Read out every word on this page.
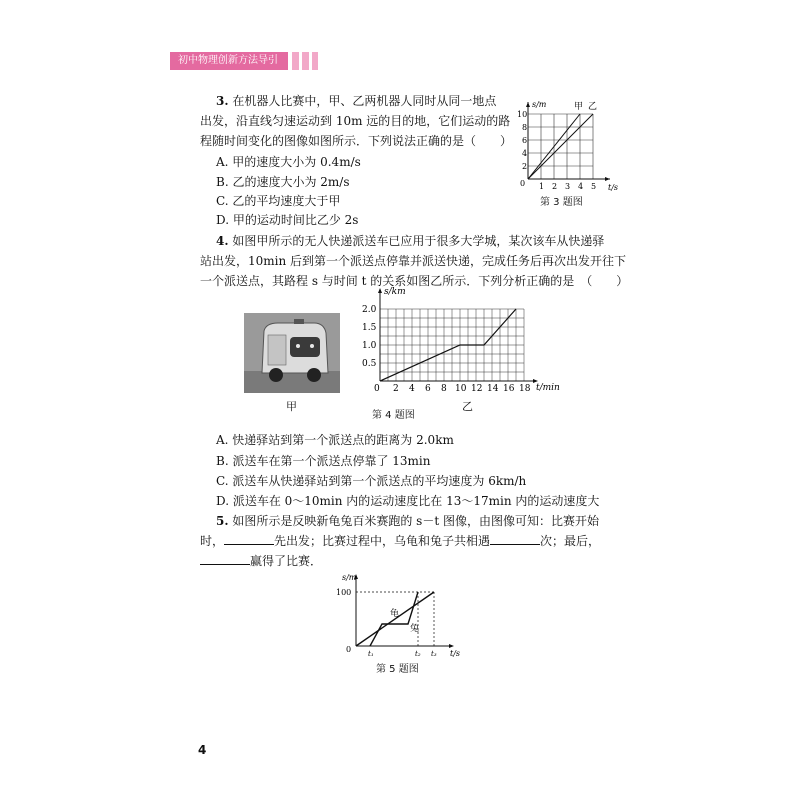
初中物理创新方法导引
3. 在机器人比赛中，甲、乙两机器人同时从同一地点
出发，沿直线匀速运动到 10m 远的目的地，它们运动的路
程随时间变化的图像如图所示．下列说法正确的是（　　）
A. 甲的速度大小为 0.4m/s
B. 乙的速度大小为 2m/s
C. 乙的平均速度大于甲
D. 甲的运动时间比乙少 2s
s/m
t/s
0
2
4
6
8
10
1 2 3 4 5
甲 乙
第 3 题图
4. 如图甲所示的无人快递派送车已应用于很多大学城，某次该车从快递驿
站出发，10min 后到第一个派送点停靠并派送快递，完成任务后再次出发开往下
一个派送点，其路程 s 与时间 t 的关系如图乙所示．下列分析正确的是　（　　）
甲
s/km
t/min
0
0.5
1.0
1.5
2.0
2 4 6 8 10 12 14 16 18
乙
第 4 题图
A. 快递驿站到第一个派送点的距离为 2.0km
B. 派送车在第一个派送点停靠了 13min
C. 派送车从快递驿站到第一个派送点的平均速度为 6km/h
D. 派送车在 0～10min 内的运动速度比在 13～17min 内的运动速度大
5. 如图所示是反映新龟兔百米赛跑的 s－t 图像，由图像可知：比赛开始
时，	先出发；比赛过程中，乌龟和兔子共相遇	次；最后，
赢得了比赛．
s/m
t/s
0
100
t₁	t₂ t₃
龟
兔
第 5 题图
4
